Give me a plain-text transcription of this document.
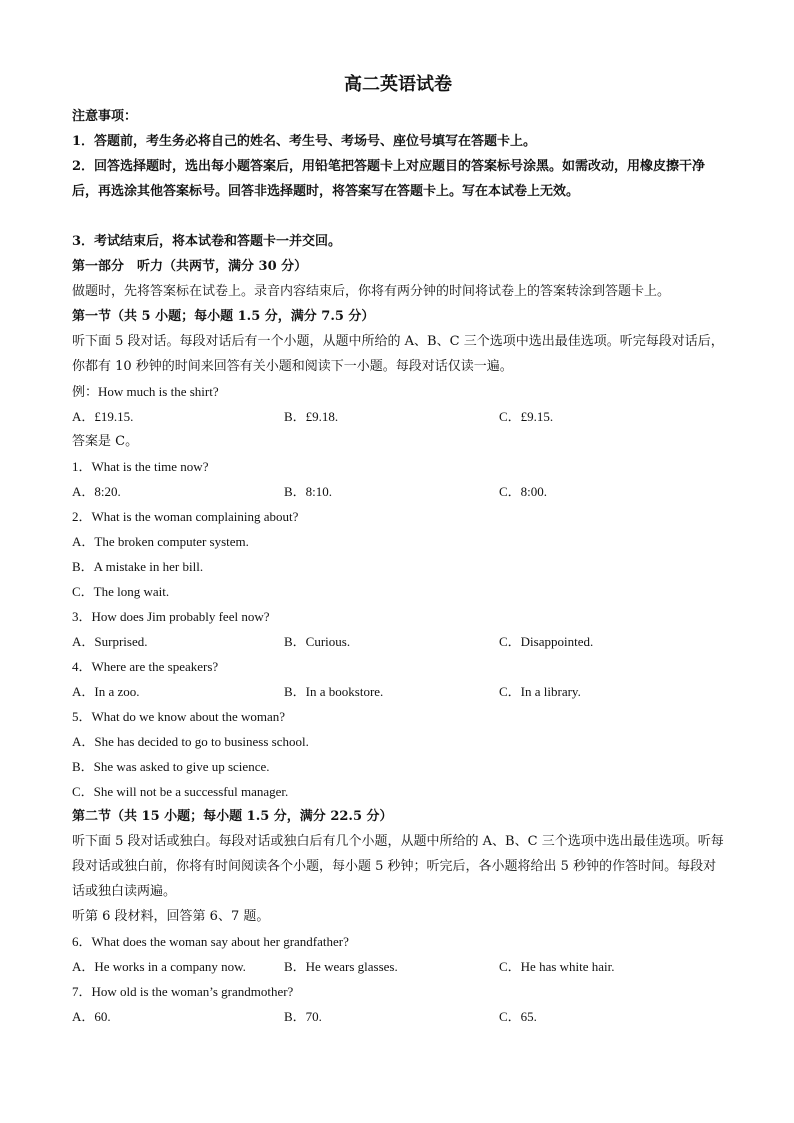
高二英语试卷
注意事项：
1．答题前，考生务必将自己的姓名、考生号、考场号、座位号填写在答题卡上。
2．回答选择题时，选出每小题答案后，用铅笔把答题卡上对应题目的答案标号涂黑。如需改动，用橡皮擦干净后，再选涂其他答案标号。回答非选择题时，将答案写在答题卡上。写在本试卷上无效。
3．考试结束后，将本试卷和答题卡一并交回。
第一部分　听力（共两节，满分 30 分）
做题时，先将答案标在试卷上。录音内容结束后，你将有两分钟的时间将试卷上的答案转涂到答题卡上。
第一节（共 5 小题；每小题 1.5 分，满分 7.5 分）
听下面 5 段对话。每段对话后有一个小题，从题中所给的 A、B、C 三个选项中选出最佳选项。听完每段对话后，你都有 10 秒钟的时间来回答有关小题和阅读下一小题。每段对话仅读一遍。
例：How much is the shirt?
A．£19.15.	B．£9.18.	C．£9.15.
答案是 C。
1．What is the time now?
A．8:20.	B．8:10.	C．8:00.
2．What is the woman complaining about?
A．The broken computer system.
B．A mistake in her bill.
C．The long wait.
3．How does Jim probably feel now?
A．Surprised.	B．Curious.	C．Disappointed.
4．Where are the speakers?
A．In a zoo.	B．In a bookstore.	C．In a library.
5．What do we know about the woman?
A．She has decided to go to business school.
B．She was asked to give up science.
C．She will not be a successful manager.
第二节（共 15 小题；每小题 1.5 分，满分 22.5 分）
听下面 5 段对话或独白。每段对话或独白后有几个小题，从题中所给的 A、B、C 三个选项中选出最佳选项。听每段对话或独白前，你将有时间阅读各个小题，每小题 5 秒钟；听完后，各小题将给出 5 秒钟的作答时间。每段对话或独白读两遍。
听第 6 段材料，回答第 6、7 题。
6．What does the woman say about her grandfather?
A．He works in a company now.	B．He wears glasses.	C．He has white hair.
7．How old is the woman’s grandmother?
A．60.	B．70.	C．65.
